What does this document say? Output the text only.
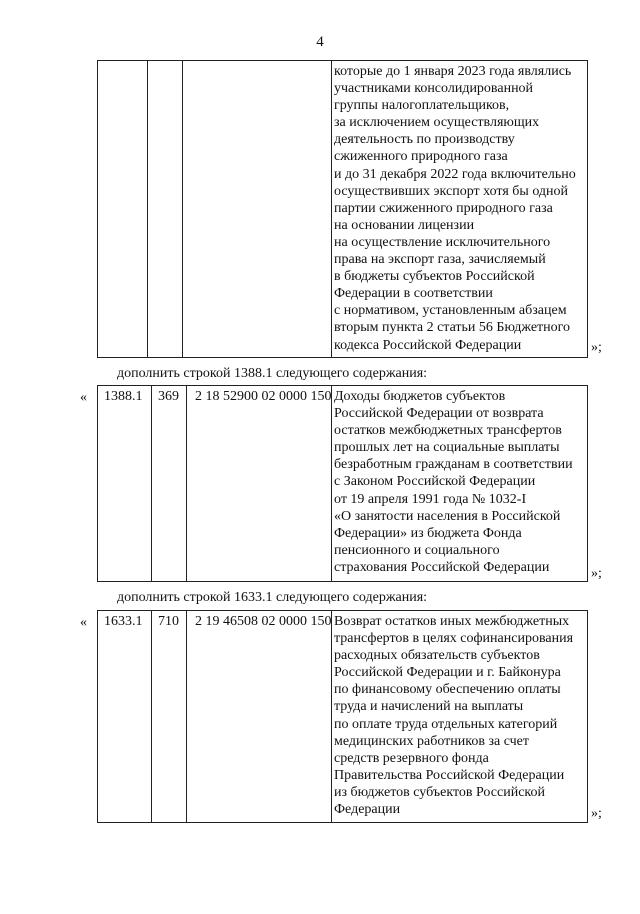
4
которые до 1 января 2023 года являлись
участниками консолидированной
группы налогоплательщиков,
за исключением осуществляющих
деятельность по производству
сжиженного природного газа
и до 31 декабря 2022 года включительно
осуществивших экспорт хотя бы одной
партии сжиженного природного газа
на основании лицензии
на осуществление исключительного
права на экспорт газа, зачисляемый
в бюджеты субъектов Российской
Федерации в соответствии
с нормативом, установленным абзацем
вторым пункта 2 статьи 56 Бюджетного
кодекса Российской Федерации	»;
дополнить строкой 1388.1 следующего содержания:
« 1388.1 369 2 18 52900 02 0000 150 Доходы бюджетов субъектов
Российской Федерации от возврата
остатков межбюджетных трансфертов
прошлых лет на социальные выплаты
безработным гражданам в соответствии
с Законом Российской Федерации
от 19 апреля 1991 года № 1032-I
«О занятости населения в Российской
Федерации» из бюджета Фонда
пенсионного и социального
страхования Российской Федерации	»;
дополнить строкой 1633.1 следующего содержания:
« 1633.1 710 2 19 46508 02 0000 150 Возврат остатков иных межбюджетных
трансфертов в целях софинансирования
расходных обязательств субъектов
Российской Федерации и г. Байконура
по финансовому обеспечению оплаты
труда и начислений на выплаты
по оплате труда отдельных категорий
медицинских работников за счет
средств резервного фонда
Правительства Российской Федерации
из бюджетов субъектов Российской
Федерации	»;
